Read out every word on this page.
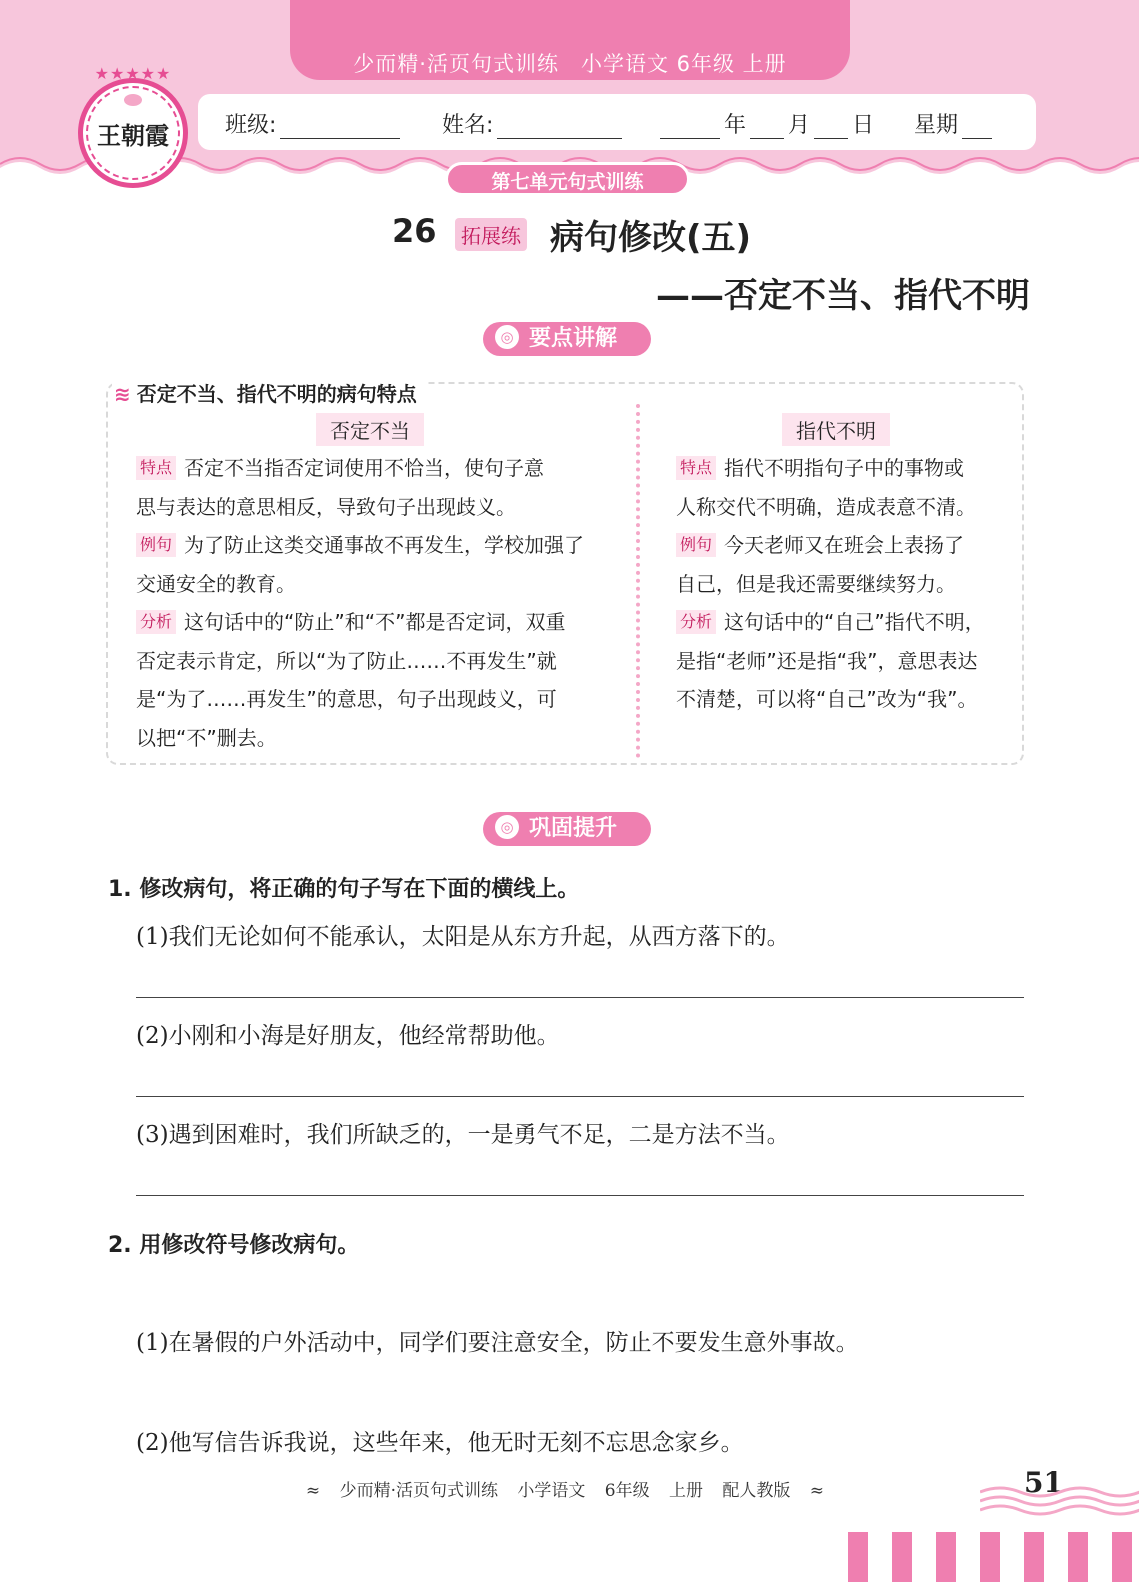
少而精·活页句式训练　小学语文 6年级 上册
班级:	姓名:	年 月 日 星期
★★★★★
王朝霞
第七单元句式训练
26	拓展练 病句修改(五)
——否定不当、指代不明
◎ 要点讲解
≋ 否定不当、指代不明的病句特点
否定不当	指代不明
特点 否定不当指否定词使用不恰当，使句子意
思与表达的意思相反，导致句子出现歧义。
例句 为了防止这类交通事故不再发生，学校加强了
交通安全的教育。
分析 这句话中的“防止”和“不”都是否定词，双重
否定表示肯定，所以“为了防止……不再发生”就
是“为了……再发生”的意思，句子出现歧义，可
以把“不”删去。
特点 指代不明指句子中的事物或
人称交代不明确，造成表意不清。
例句 今天老师又在班会上表扬了
自己，但是我还需要继续努力。
分析 这句话中的“自己”指代不明，
是指“老师”还是指“我”，意思表达
不清楚，可以将“自己”改为“我”。
◎ 巩固提升
1. 修改病句，将正确的句子写在下面的横线上。
(1)我们无论如何不能承认，太阳是从东方升起，从西方落下的。
(2)小刚和小海是好朋友，他经常帮助他。
(3)遇到困难时，我们所缺乏的，一是勇气不足，二是方法不当。
2. 用修改符号修改病句。
(1)在暑假的户外活动中，同学们要注意安全，防止不要发生意外事故。
(2)他写信告诉我说，这些年来，他无时无刻不忘思念家乡。
≈ 少而精·活页句式训练 小学语文 6年级 上册 配人教版 ≈	51
